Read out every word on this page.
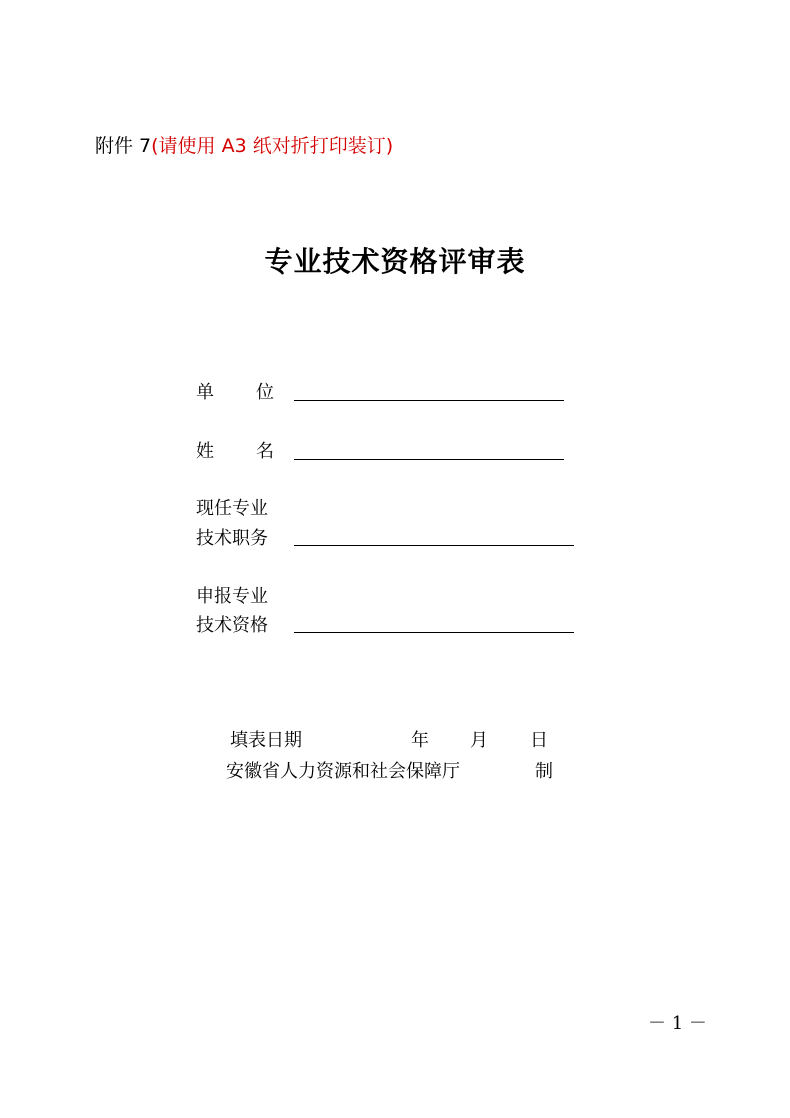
附件 7(请使用 A3 纸对折打印装订)
专业技术资格评审表
单 位
姓 名
现任专业
技术职务
申报专业
技术资格
填表日期	年 月 日
安徽省人力资源和社会保障厅	制
－ 1 －
